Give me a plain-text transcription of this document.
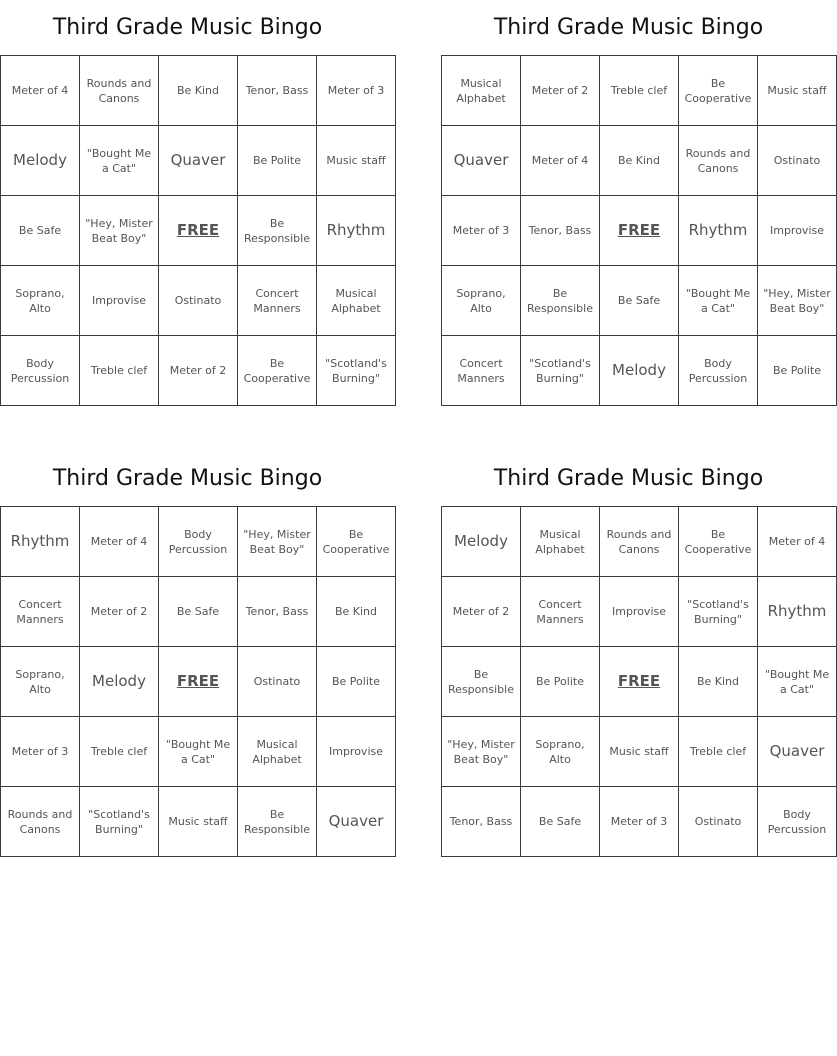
Third Grade Music Bingo
Meter of 4	Rounds and Canons	Be Kind	Tenor, Bass	Meter of 3
Melody	"Bought Me a Cat"	Quaver	Be Polite	Music staff
Be Safe	"Hey, Mister Beat Boy"	FREE	Be Responsible	Rhythm
Soprano, Alto	Improvise	Ostinato	Concert Manners	Musical Alphabet
Body Percussion	Treble clef	Meter of 2	Be Cooperative	"Scotland's Burning"
Third Grade Music Bingo
Musical Alphabet	Meter of 2	Treble clef	Be Cooperative	Music staff
Quaver	Meter of 4	Be Kind	Rounds and Canons	Ostinato
Meter of 3	Tenor, Bass	FREE	Rhythm	Improvise
Soprano, Alto	Be Responsible	Be Safe	"Bought Me a Cat"	"Hey, Mister Beat Boy"
Concert Manners	"Scotland's Burning"	Melody	Body Percussion	Be Polite
Third Grade Music Bingo
Rhythm	Meter of 4	Body Percussion	"Hey, Mister Beat Boy"	Be Cooperative
Concert Manners	Meter of 2	Be Safe	Tenor, Bass	Be Kind
Soprano, Alto	Melody	FREE	Ostinato	Be Polite
Meter of 3	Treble clef	"Bought Me a Cat"	Musical Alphabet	Improvise
Rounds and Canons	"Scotland's Burning"	Music staff	Be Responsible	Quaver
Third Grade Music Bingo
Melody	Musical Alphabet	Rounds and Canons	Be Cooperative	Meter of 4
Meter of 2	Concert Manners	Improvise	"Scotland's Burning"	Rhythm
Be Responsible	Be Polite	FREE	Be Kind	"Bought Me a Cat"
"Hey, Mister Beat Boy"	Soprano, Alto	Music staff	Treble clef	Quaver
Tenor, Bass	Be Safe	Meter of 3	Ostinato	Body Percussion
